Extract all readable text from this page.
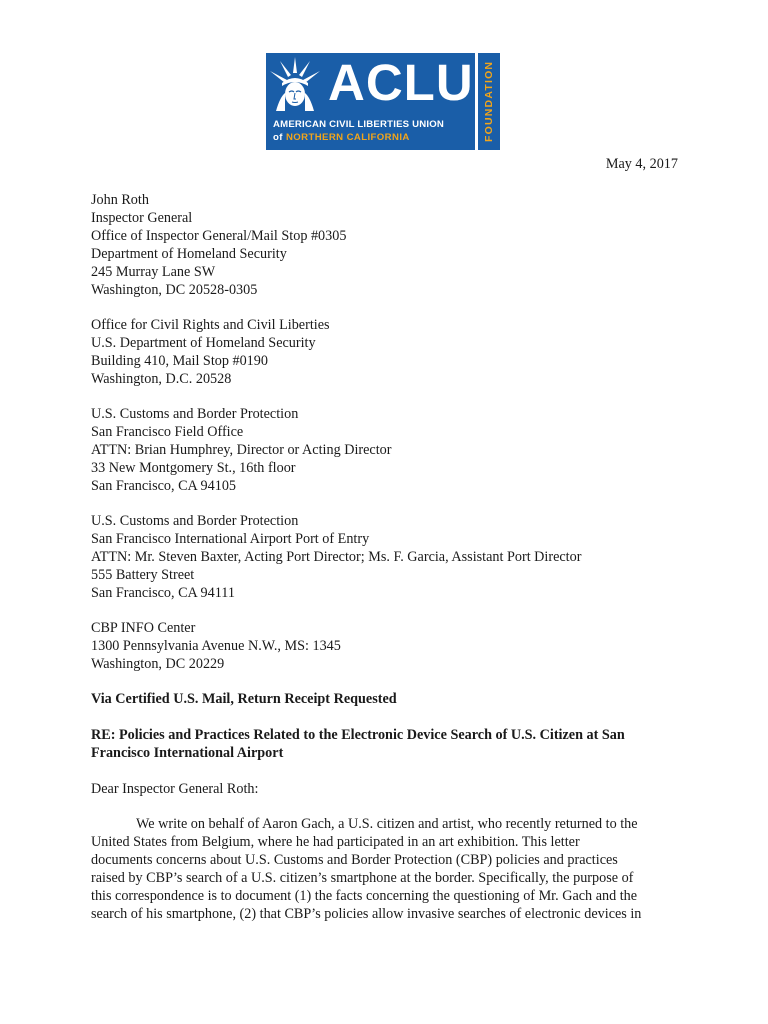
ACLU
AMERICAN CIVIL LIBERTIES UNION
of NORTHERN CALIFORNIA	FOUNDATION
May 4, 2017
John Roth
Inspector General
Office of Inspector General/Mail Stop #0305
Department of Homeland Security
245 Murray Lane SW
Washington, DC 20528-0305
Office for Civil Rights and Civil Liberties
U.S. Department of Homeland Security
Building 410, Mail Stop #0190
Washington, D.C. 20528
U.S. Customs and Border Protection
San Francisco Field Office
ATTN: Brian Humphrey, Director or Acting Director
33 New Montgomery St., 16th floor
San Francisco, CA 94105
U.S. Customs and Border Protection
San Francisco International Airport Port of Entry
ATTN: Mr. Steven Baxter, Acting Port Director; Ms. F. Garcia, Assistant Port Director
555 Battery Street
San Francisco, CA 94111
CBP INFO Center
1300 Pennsylvania Avenue N.W., MS: 1345
Washington, DC 20229
Via Certified U.S. Mail, Return Receipt Requested
RE: Policies and Practices Related to the Electronic Device Search of U.S. Citizen at San
Francisco International Airport
Dear Inspector General Roth:
We write on behalf of Aaron Gach, a U.S. citizen and artist, who recently returned to the
United States from Belgium, where he had participated in an art exhibition. This letter
documents concerns about U.S. Customs and Border Protection (CBP) policies and practices
raised by CBP’s search of a U.S. citizen’s smartphone at the border. Specifically, the purpose of
this correspondence is to document (1) the facts concerning the questioning of Mr. Gach and the
search of his smartphone, (2) that CBP’s policies allow invasive searches of electronic devices in
